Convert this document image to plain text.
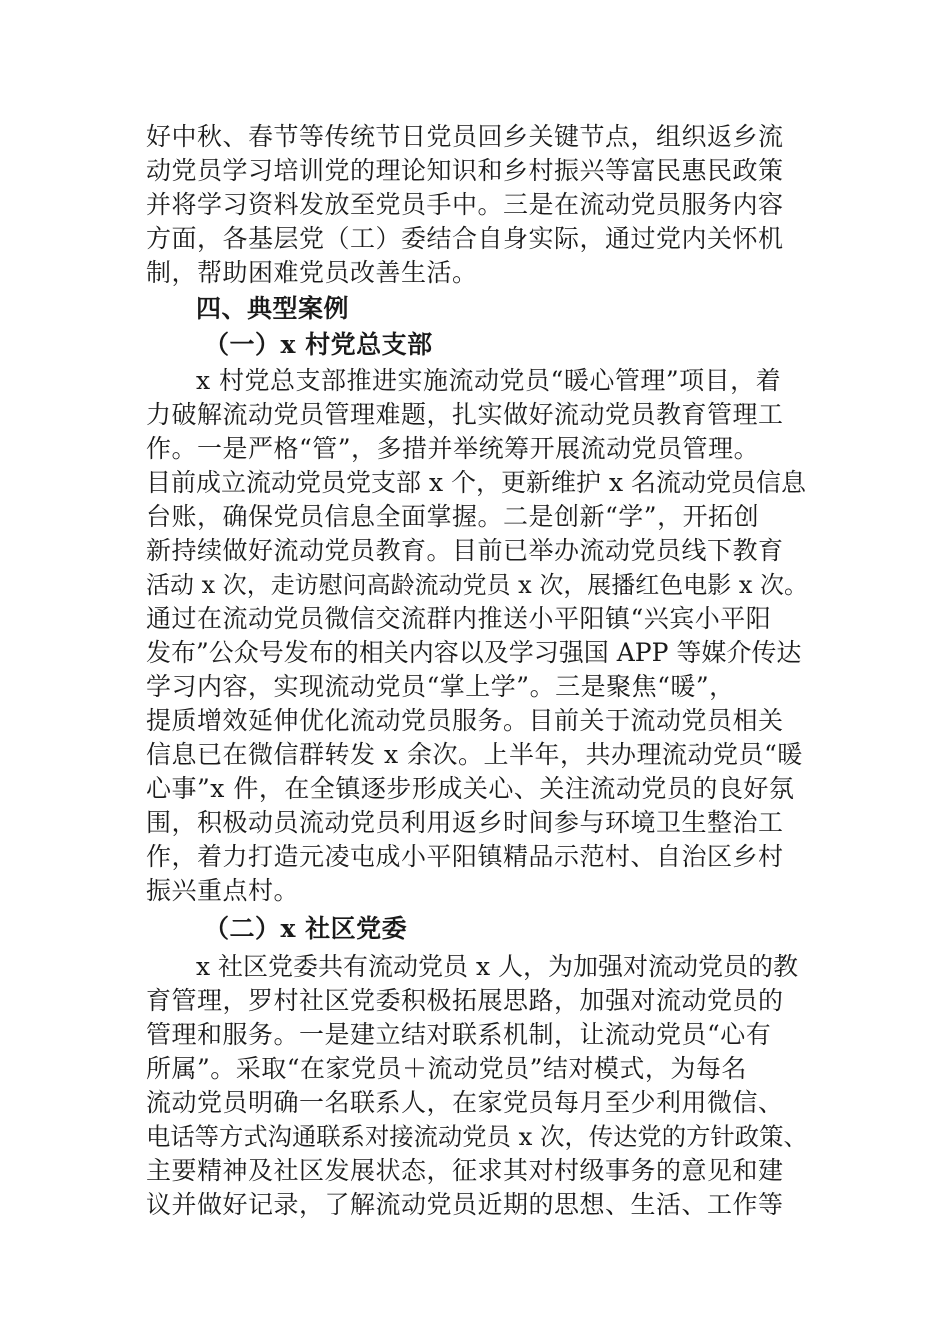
好中秋、春节等传统节日党员回乡关键节点，组织返乡流
动党员学习培训党的理论知识和乡村振兴等富民惠民政策
并将学习资料发放至党员手中。三是在流动党员服务内容
方面，各基层党（工）委结合自身实际，通过党内关怀机
制，帮助困难党员改善生活。
四、典型案例
（一）x 村党总支部
x 村党总支部推进实施流动党员“暖心管理”项目，着
力破解流动党员管理难题，扎实做好流动党员教育管理工
作。一是严格“管”，多措并举统筹开展流动党员管理。
目前成立流动党员党支部 x 个，更新维护 x 名流动党员信息
台账，确保党员信息全面掌握。二是创新“学”，开拓创
新持续做好流动党员教育。目前已举办流动党员线下教育
活动 x 次，走访慰问高龄流动党员 x 次，展播红色电影 x 次。
通过在流动党员微信交流群内推送小平阳镇“兴宾小平阳
发布”公众号发布的相关内容以及学习强国 APP 等媒介传达
学习内容，实现流动党员“掌上学”。三是聚焦“暖”，
提质增效延伸优化流动党员服务。目前关于流动党员相关
信息已在微信群转发 x 余次。上半年，共办理流动党员“暖
心事”x 件，在全镇逐步形成关心、关注流动党员的良好氛
围，积极动员流动党员利用返乡时间参与环境卫生整治工
作，着力打造元凌屯成小平阳镇精品示范村、自治区乡村
振兴重点村。
（二）x 社区党委
x 社区党委共有流动党员 x 人，为加强对流动党员的教
育管理，罗村社区党委积极拓展思路，加强对流动党员的
管理和服务。一是建立结对联系机制，让流动党员“心有
所属”。采取“在家党员＋流动党员”结对模式，为每名
流动党员明确一名联系人，在家党员每月至少利用微信、
电话等方式沟通联系对接流动党员 x 次，传达党的方针政策、
主要精神及社区发展状态，征求其对村级事务的意见和建
议并做好记录，了解流动党员近期的思想、生活、工作等
